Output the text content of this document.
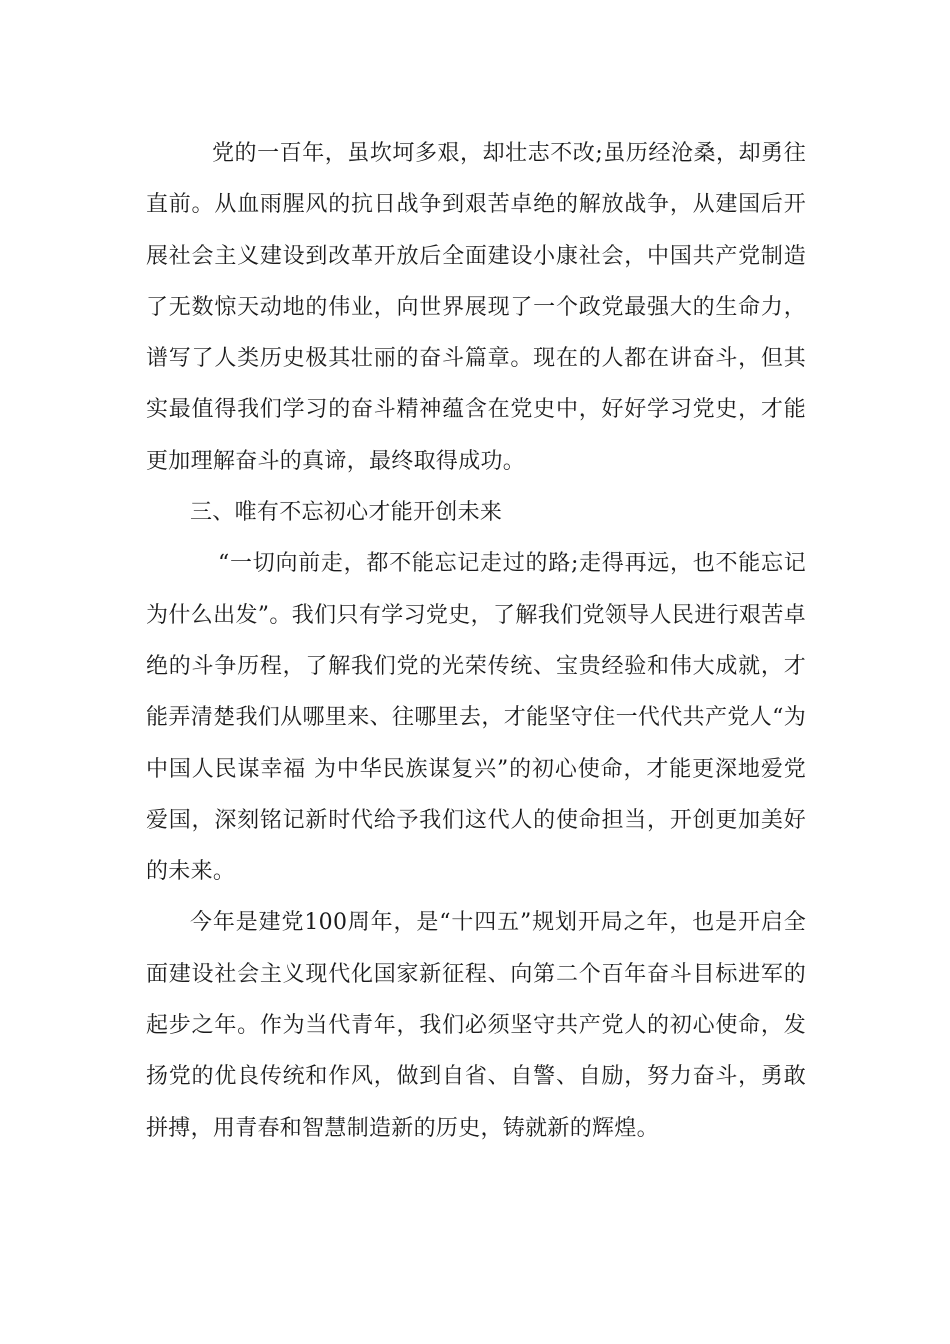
党的一百年，虽坎坷多艰，却壮志不改;虽历经沧桑，却勇往直前。从血雨腥风的抗日战争到艰苦卓绝的解放战争，从建国后开展社会主义建设到改革开放后全面建设小康社会，中国共产党制造了无数惊天动地的伟业，向世界展现了一个政党最强大的生命力，谱写了人类历史极其壮丽的奋斗篇章。现在的人都在讲奋斗，但其实最值得我们学习的奋斗精神蕴含在党史中，好好学习党史，才能更加理解奋斗的真谛，最终取得成功。

三、唯有不忘初心才能开创未来

“一切向前走，都不能忘记走过的路;走得再远，也不能忘记为什么出发”。我们只有学习党史，了解我们党领导人民进行艰苦卓绝的斗争历程，了解我们党的光荣传统、宝贵经验和伟大成就，才能弄清楚我们从哪里来、往哪里去，才能坚守住一代代共产党人“为中国人民谋幸福 为中华民族谋复兴”的初心使命，才能更深地爱党爱国，深刻铭记新时代给予我们这代人的使命担当，开创更加美好的未来。

今年是建党100周年，是“十四五”规划开局之年，也是开启全面建设社会主义现代化国家新征程、向第二个百年奋斗目标进军的起步之年。作为当代青年，我们必须坚守共产党人的初心使命，发扬党的优良传统和作风，做到自省、自警、自励，努力奋斗，勇敢拼搏，用青春和智慧制造新的历史，铸就新的辉煌。
